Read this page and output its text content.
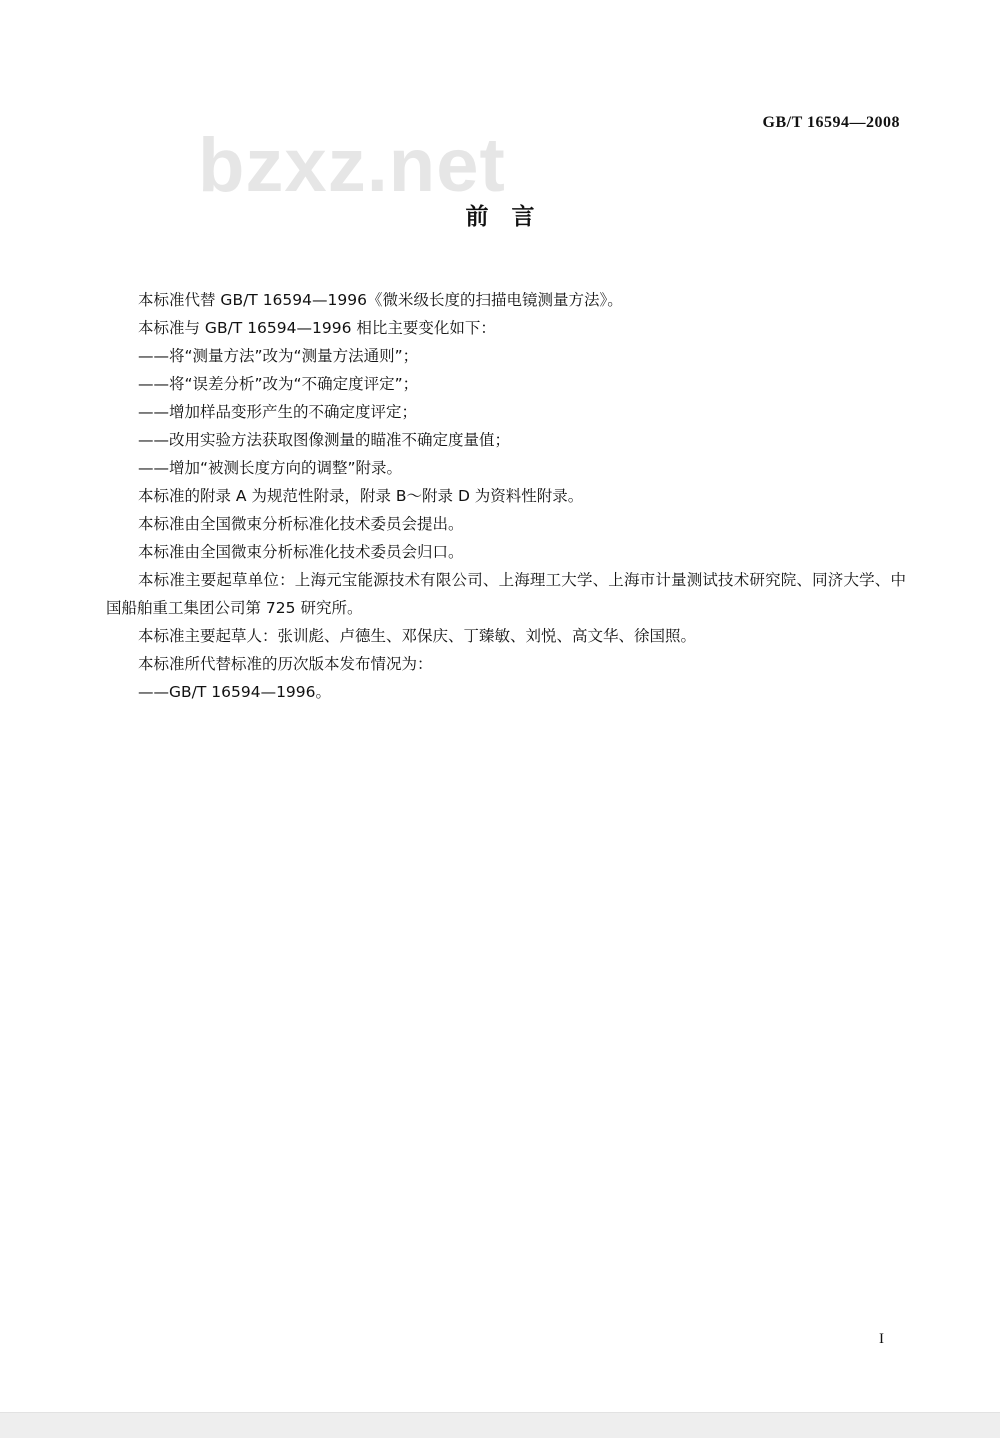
GB/T 16594—2008
bzxz.net
前　言

本标准代替 GB/T 16594—1996《微米级长度的扫描电镜测量方法》。

本标准与 GB/T 16594—1996 相比主要变化如下：

——将“测量方法”改为“测量方法通则”；

——将“误差分析”改为“不确定度评定”；

——增加样品变形产生的不确定度评定；

——改用实验方法获取图像测量的瞄准不确定度量值；

——增加“被测长度方向的调整”附录。

本标准的附录 A 为规范性附录，附录 B～附录 D 为资料性附录。

本标准由全国微束分析标准化技术委员会提出。

本标准由全国微束分析标准化技术委员会归口。

本标准主要起草单位：上海元宝能源技术有限公司、上海理工大学、上海市计量测试技术研究院、同济大学、中国船舶重工集团公司第 725 研究所。

本标准主要起草人：张训彪、卢德生、邓保庆、丁臻敏、刘悦、高文华、徐国照。

本标准所代替标准的历次版本发布情况为：

——GB/T 16594—1996。

I
